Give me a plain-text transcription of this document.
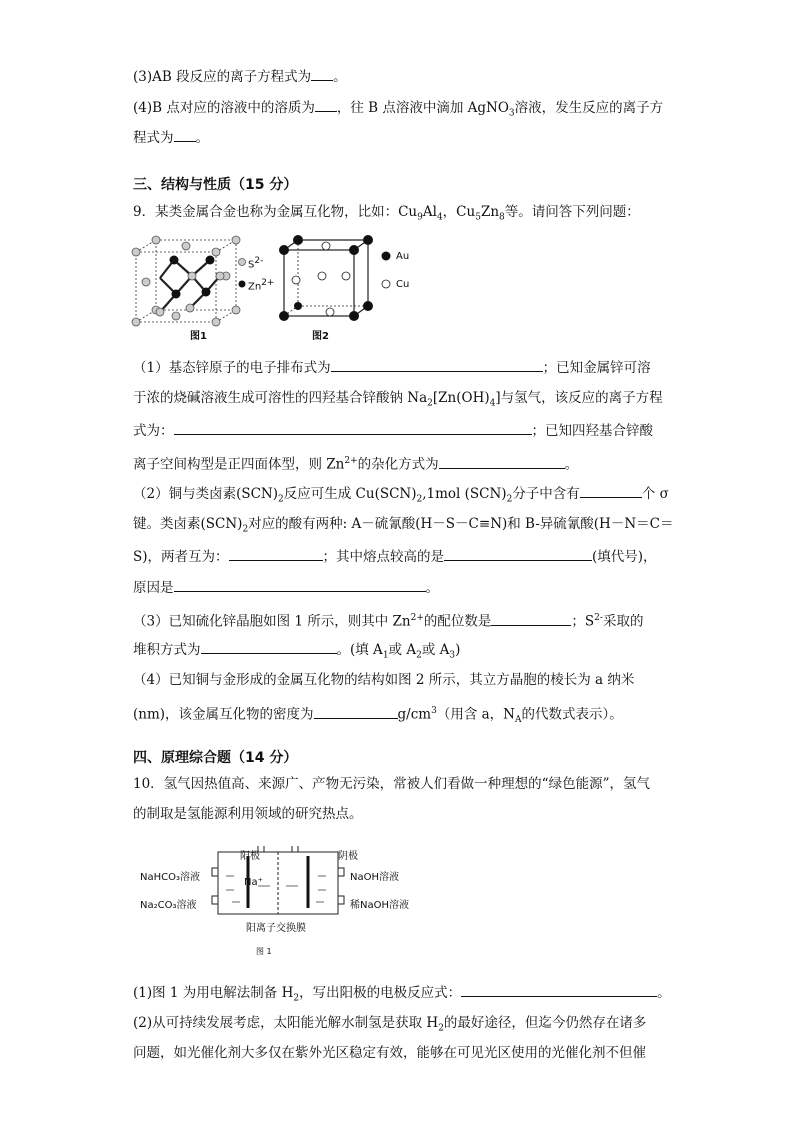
(3)AB 段反应的离子方程式为 。
(4)B 点对应的溶液中的溶质为 ，往 B 点溶液中滴加 AgNO$_3$溶液，发生反应的离子方
程式为 。
三、结构与性质（15 分）
9．某类金属合金也称为金属互化物，比如：$Cu_9Al_4$，$Cu_5Zn_8$等。请问答下列问题：
$S^{2-}$
$Zn^{2+}$
图1
Au
Cu
图2
（1）基态锌原子的电子排布式为	；已知金属锌可溶
于浓的烧碱溶液生成可溶性的四羟基合锌酸钠 $Na_2[Zn(OH)_4]$与氢气，该反应的离子方程
式为：	；已知四羟基合锌酸
离子空间构型是正四面体型，则 $Zn^{2+}$的杂化方式为	。
（2）铜与类卤素$(SCN)_2$反应可生成 $Cu(SCN)_2,1mol$ $(SCN)_2$分子中含有	个 σ
键。类卤素$(SCN)_2$对应的酸有两种: A－硫氰酸(H－S－C≡N)和 B-异硫氰酸(H－N＝C＝
S)，两者互为：	；其中熔点较高的是	(填代号)，
原因是	。
（3）已知硫化锌晶胞如图 1 所示，则其中 $Zn^{2+}$的配位数是	；$S^{2-}$采取的
堆积方式为	。(填 $A_1$或 $A_2$或 $A_3$)
（4）已知铜与金形成的金属互化物的结构如图 2 所示，其立方晶胞的棱长为 a 纳米
(nm)，该金属互化物的密度为	$g/cm^3$（用含 a，$N_A$的代数式表示）。
四、原理综合题（14 分）
10．氢气因热值高、来源广、产物无污染，常被人们看做一种理想的“绿色能源”，氢气
的制取是氢能源利用领域的研究热点。
阳极	阴极
NaHCO₃溶液
Na₂CO₃溶液
NaOH溶液
稀NaOH溶液
Na⁺
阳离子交换膜
图 1
(1)图 1 为用电解法制备 $H_2$，写出阳极的电极反应式：	。
(2)从可持续发展考虑，太阳能光解水制氢是获取 $H_2$的最好途径，但迄今仍然存在诸多
问题，如光催化剂大多仅在紫外光区稳定有效，能够在可见光区使用的光催化剂不但催
